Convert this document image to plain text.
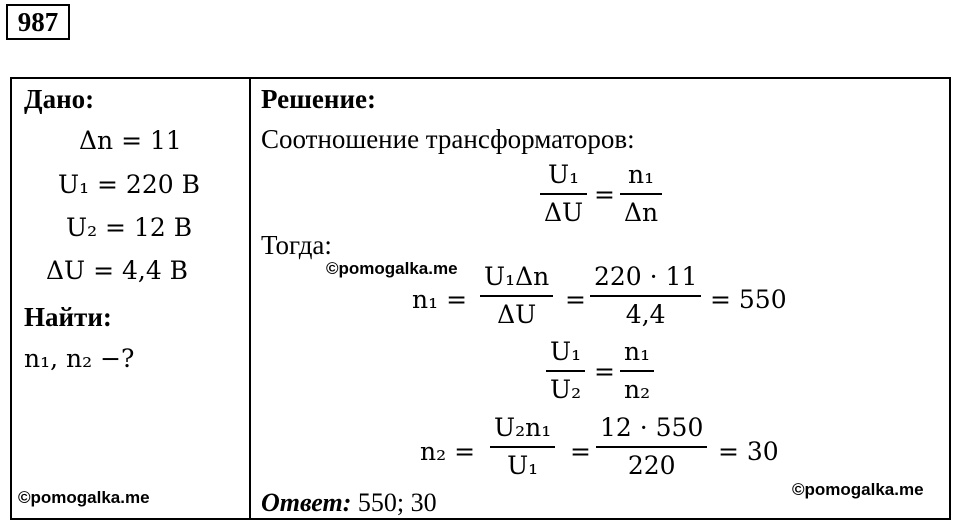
987
Дано:
Δn = 11
U₁ = 220 В
U₂ = 12 В
ΔU = 4,4 В
Найти:
n₁, n₂ −?
Решение:
Соотношение трансформаторов:
U₁
ΔU
=
n₁
Δn
Тогда:
©pomogalka.me
n₁ =
U₁Δn
ΔU
=
220 · 11
4,4
= 550
U₁
U₂
=
n₁
n₂
n₂ =
U₂n₁
U₁ =
12 · 550
220 = 30
Ответ: 550; 30
©pomogalka.me	©pomogalka.me
